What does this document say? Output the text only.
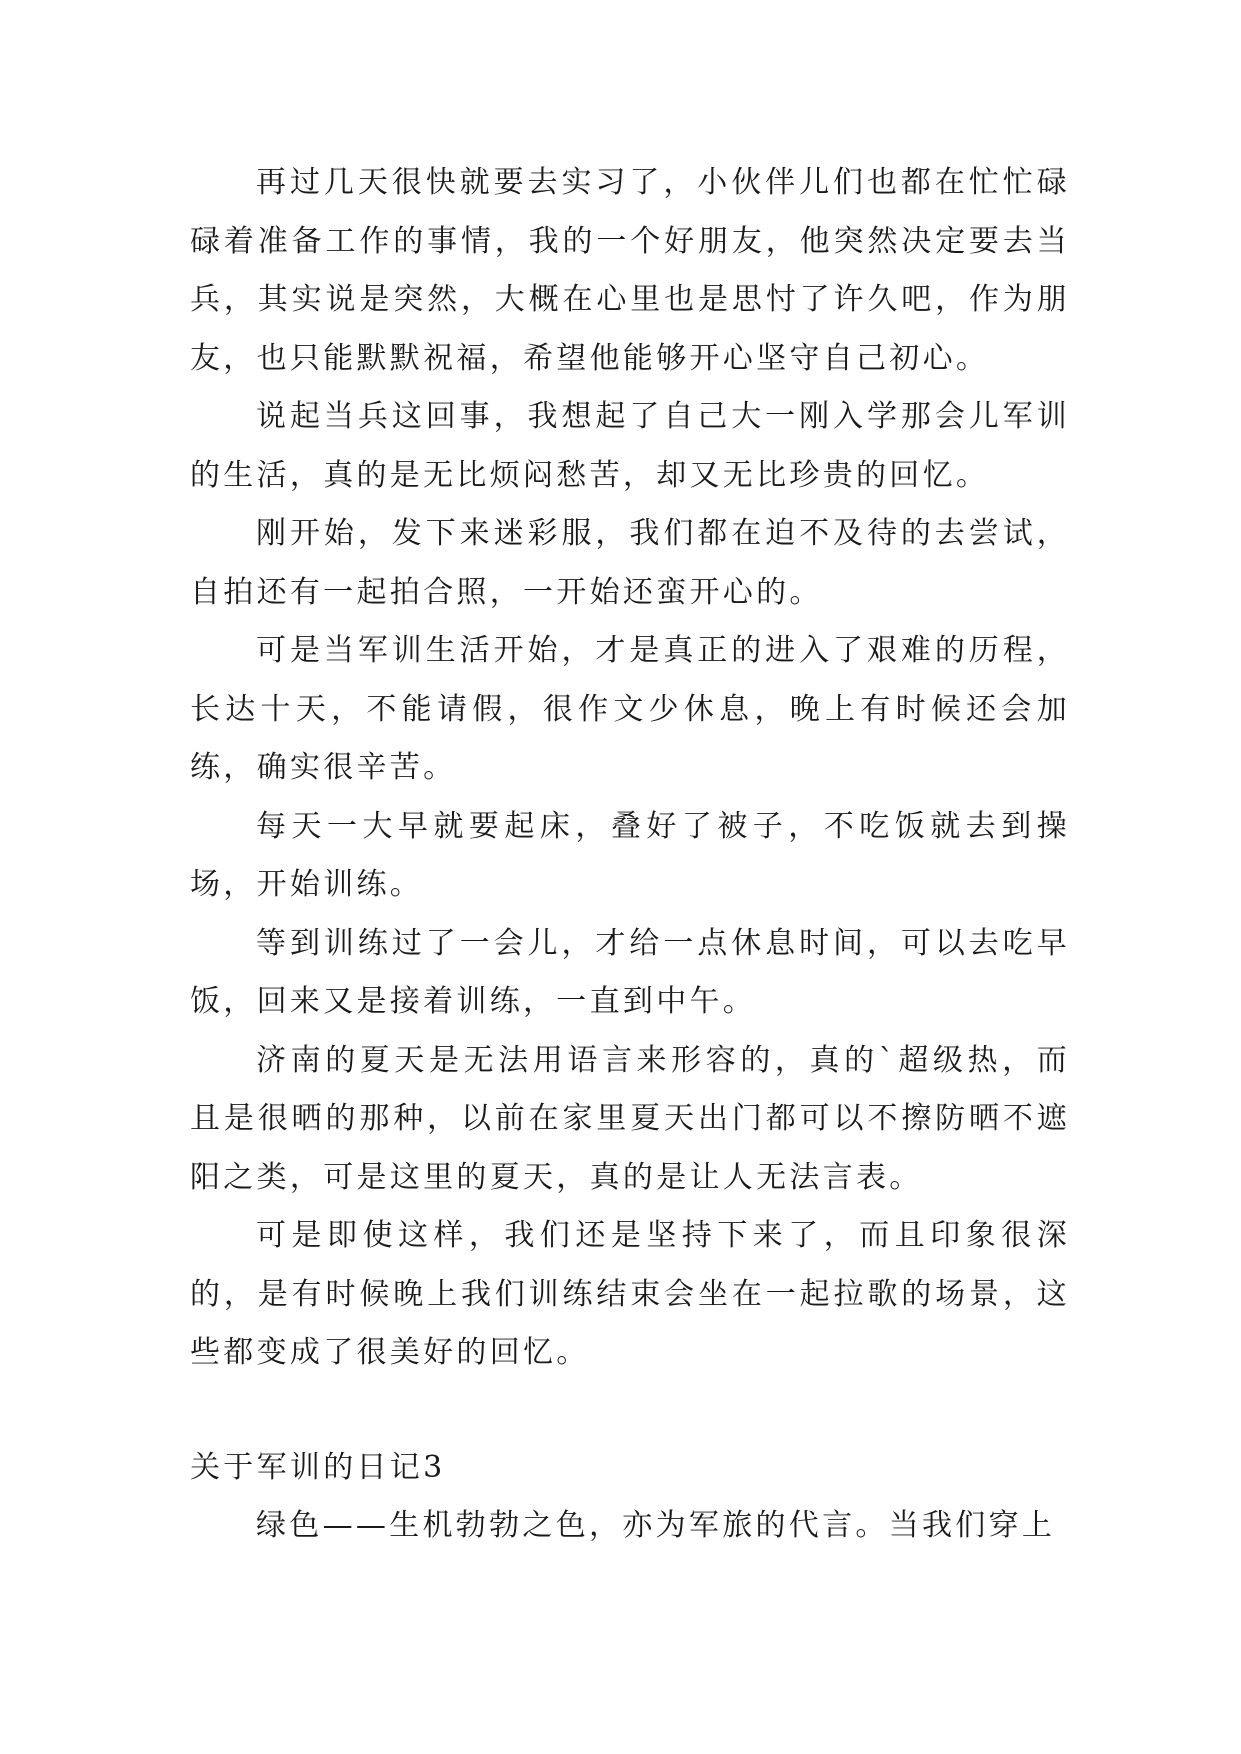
再过几天很快就要去实习了，小伙伴儿们也都在忙忙碌碌着准备工作的事情，我的一个好朋友，他突然决定要去当兵，其实说是突然，大概在心里也是思忖了许久吧，作为朋友，也只能默默祝福，希望他能够开心坚守自己初心。

说起当兵这回事，我想起了自己大一刚入学那会儿军训的生活，真的是无比烦闷愁苦，却又无比珍贵的回忆。

刚开始，发下来迷彩服，我们都在迫不及待的去尝试，自拍还有一起拍合照，一开始还蛮开心的。

可是当军训生活开始，才是真正的进入了艰难的历程，长达十天，不能请假，很作文少休息，晚上有时候还会加练，确实很辛苦。

每天一大早就要起床，叠好了被子，不吃饭就去到操场，开始训练。

等到训练过了一会儿，才给一点休息时间，可以去吃早饭，回来又是接着训练，一直到中午。

济南的夏天是无法用语言来形容的，真的`超级热，而且是很晒的那种，以前在家里夏天出门都可以不擦防晒不遮阳之类，可是这里的夏天，真的是让人无法言表。

可是即使这样，我们还是坚持下来了，而且印象很深的，是有时候晚上我们训练结束会坐在一起拉歌的场景，这些都变成了很美好的回忆。

关于军训的日记3

绿色——生机勃勃之色，亦为军旅的代言。当我们穿上
